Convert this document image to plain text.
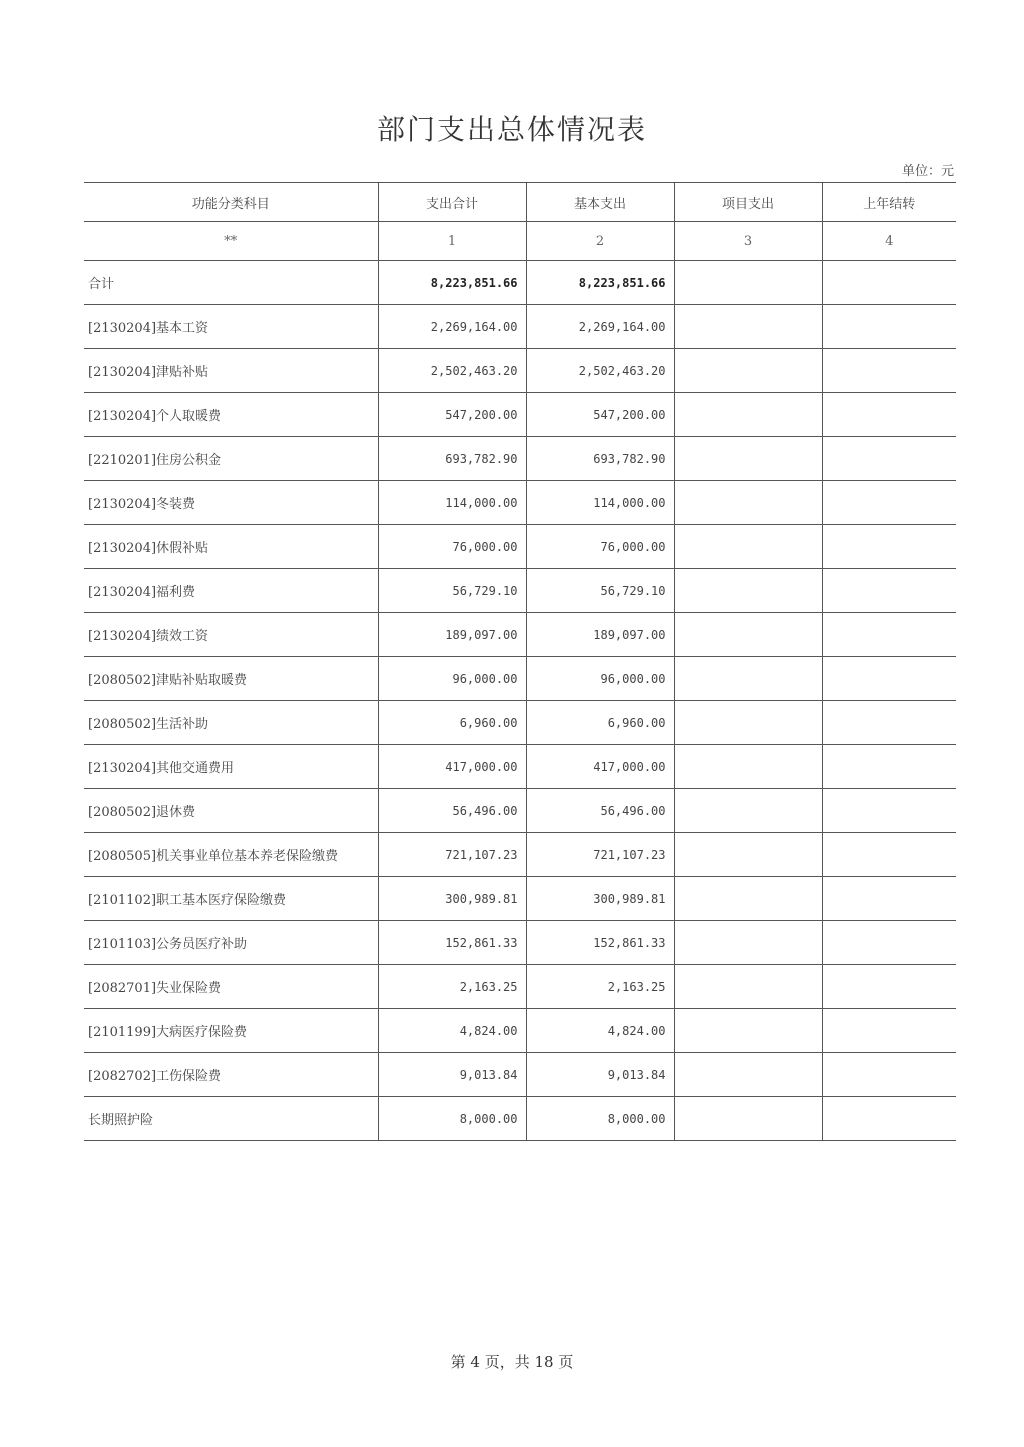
部门支出总体情况表
单位：元
功能分类科目	支出合计	基本支出	项目支出	上年结转
**	1	2	3	4
合计	8,223,851.66	8,223,851.66		
[2130204]基本工资	2,269,164.00	2,269,164.00		
[2130204]津贴补贴	2,502,463.20	2,502,463.20		
[2130204]个人取暖费	547,200.00	547,200.00		
[2210201]住房公积金	693,782.90	693,782.90		
[2130204]冬装费	114,000.00	114,000.00		
[2130204]休假补贴	76,000.00	76,000.00		
[2130204]福利费	56,729.10	56,729.10		
[2130204]绩效工资	189,097.00	189,097.00		
[2080502]津贴补贴取暖费	96,000.00	96,000.00		
[2080502]生活补助	6,960.00	6,960.00		
[2130204]其他交通费用	417,000.00	417,000.00		
[2080502]退休费	56,496.00	56,496.00		
[2080505]机关事业单位基本养老保险缴费	721,107.23	721,107.23		
[2101102]职工基本医疗保险缴费	300,989.81	300,989.81		
[2101103]公务员医疗补助	152,861.33	152,861.33		
[2082701]失业保险费	2,163.25	2,163.25		
[2101199]大病医疗保险费	4,824.00	4,824.00		
[2082702]工伤保险费	9,013.84	9,013.84		
长期照护险	8,000.00	8,000.00		
第 4 页，共 18 页
